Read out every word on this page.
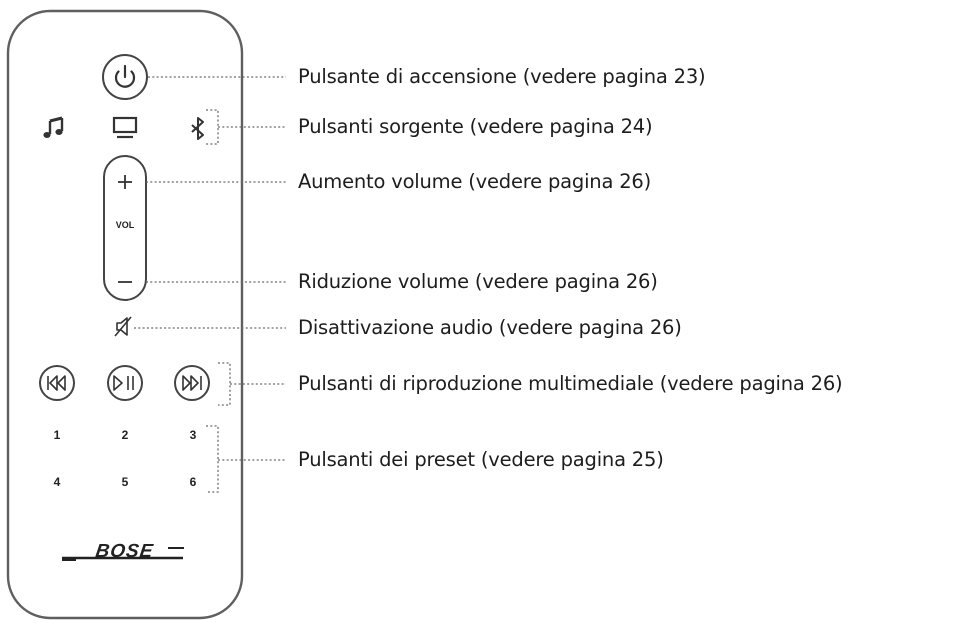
BOSE
VOL
1	2	3
4	5	6
Pulsante di accensione (vedere pagina 23)
Pulsanti sorgente (vedere pagina 24)
Aumento volume (vedere pagina 26)
Riduzione volume (vedere pagina 26)
Disattivazione audio (vedere pagina 26)
Pulsanti di riproduzione multimediale (vedere pagina 26)
Pulsanti dei preset (vedere pagina 25)
